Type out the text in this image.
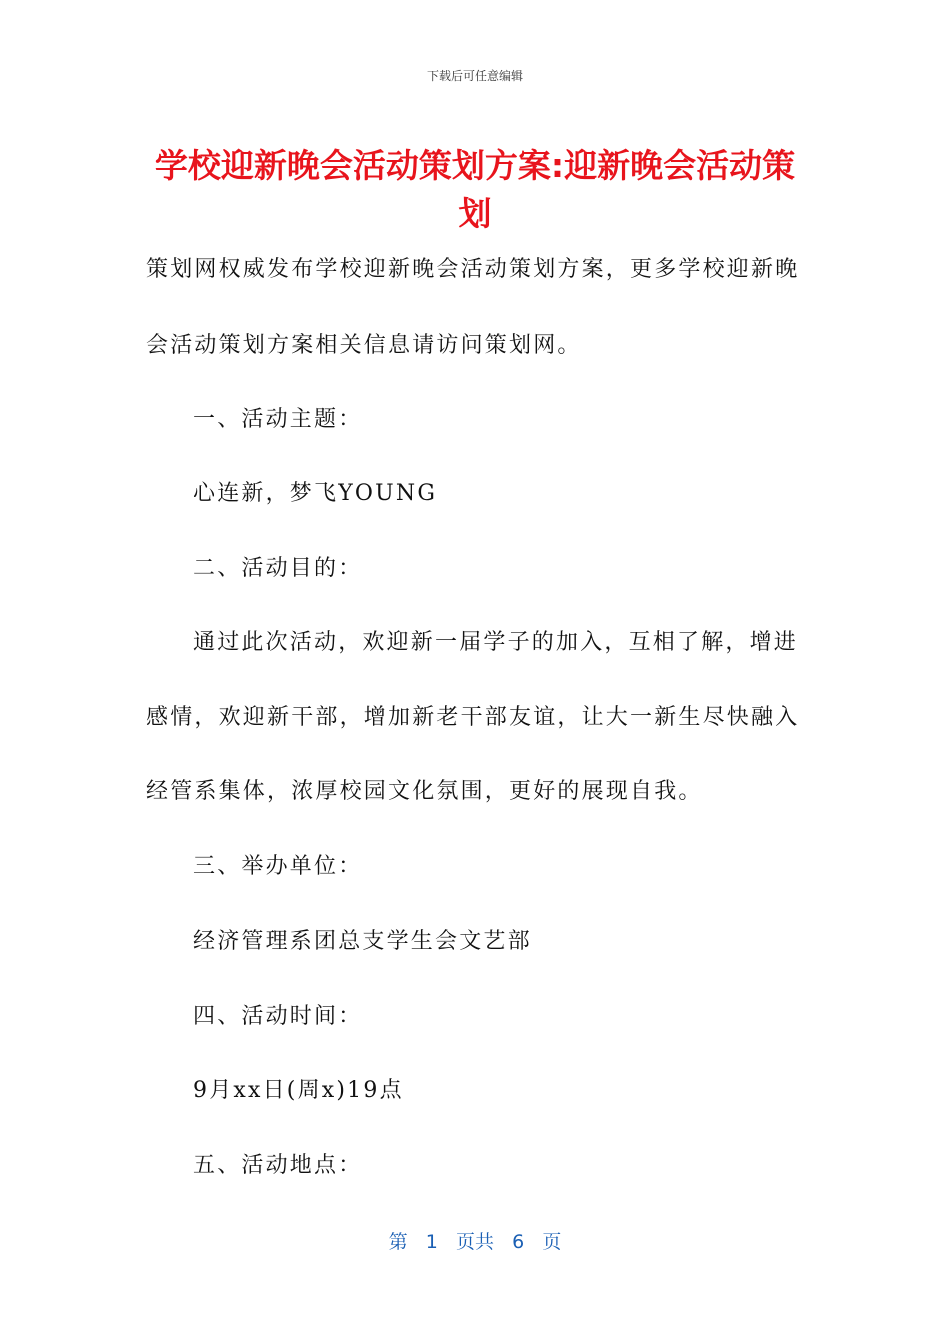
下载后可任意编辑
学校迎新晚会活动策划方案:迎新晚会活动策
划
策划网权威发布学校迎新晚会活动策划方案，更多学校迎新晚
会活动策划方案相关信息请访问策划网。
一、活动主题：
心连新，梦飞YOUNG
二、活动目的：
通过此次活动，欢迎新一届学子的加入，互相了解，增进
感情，欢迎新干部，增加新老干部友谊，让大一新生尽快融入
经管系集体，浓厚校园文化氛围，更好的展现自我。
三、举办单位：
经济管理系团总支学生会文艺部
四、活动时间：
9月xx日(周x)19点
五、活动地点：
第 1 页共 6 页
